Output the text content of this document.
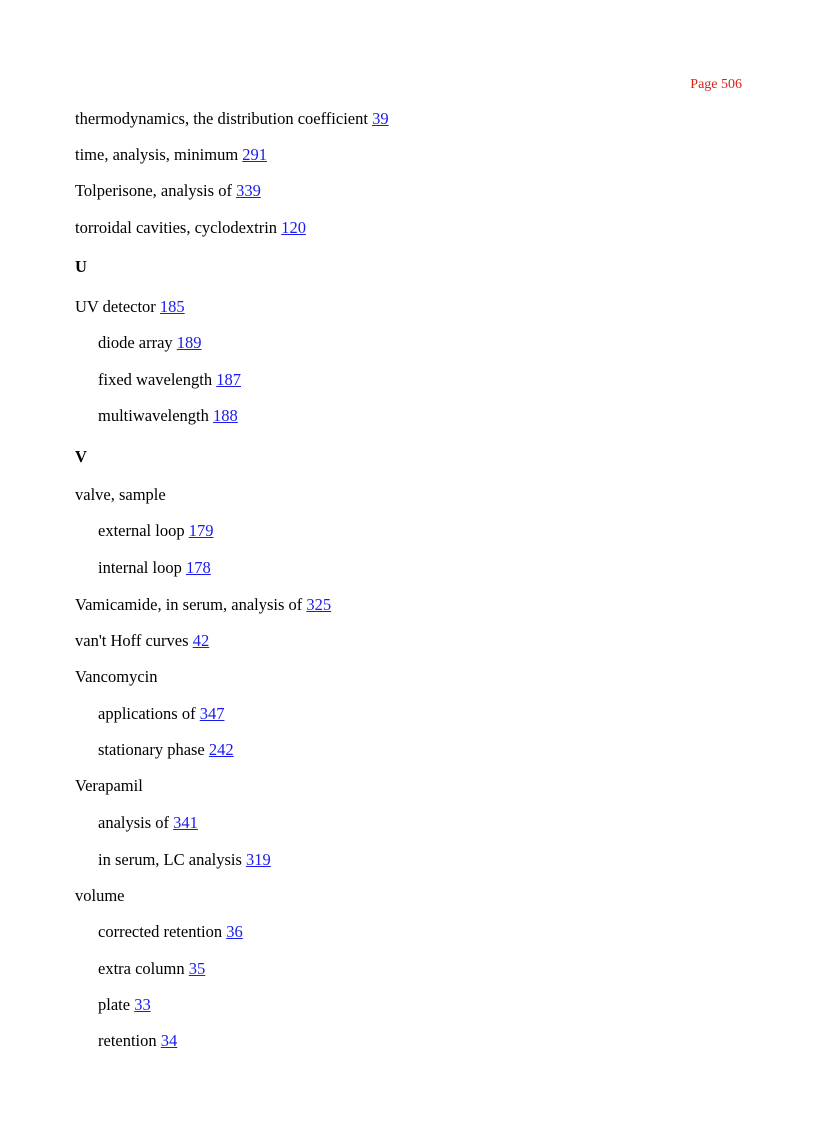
Page 506
thermodynamics, the distribution coefficient 39
time, analysis, minimum 291
Tolperisone, analysis of 339
torroidal cavities, cyclodextrin 120
U
UV detector 185
diode array 189
fixed wavelength 187
multiwavelength 188
V
valve, sample
external loop 179
internal loop 178
Vamicamide, in serum, analysis of 325
van't Hoff curves 42
Vancomycin
applications of 347
stationary phase 242
Verapamil
analysis of 341
in serum, LC analysis 319
volume
corrected retention 36
extra column 35
plate 33
retention 34
